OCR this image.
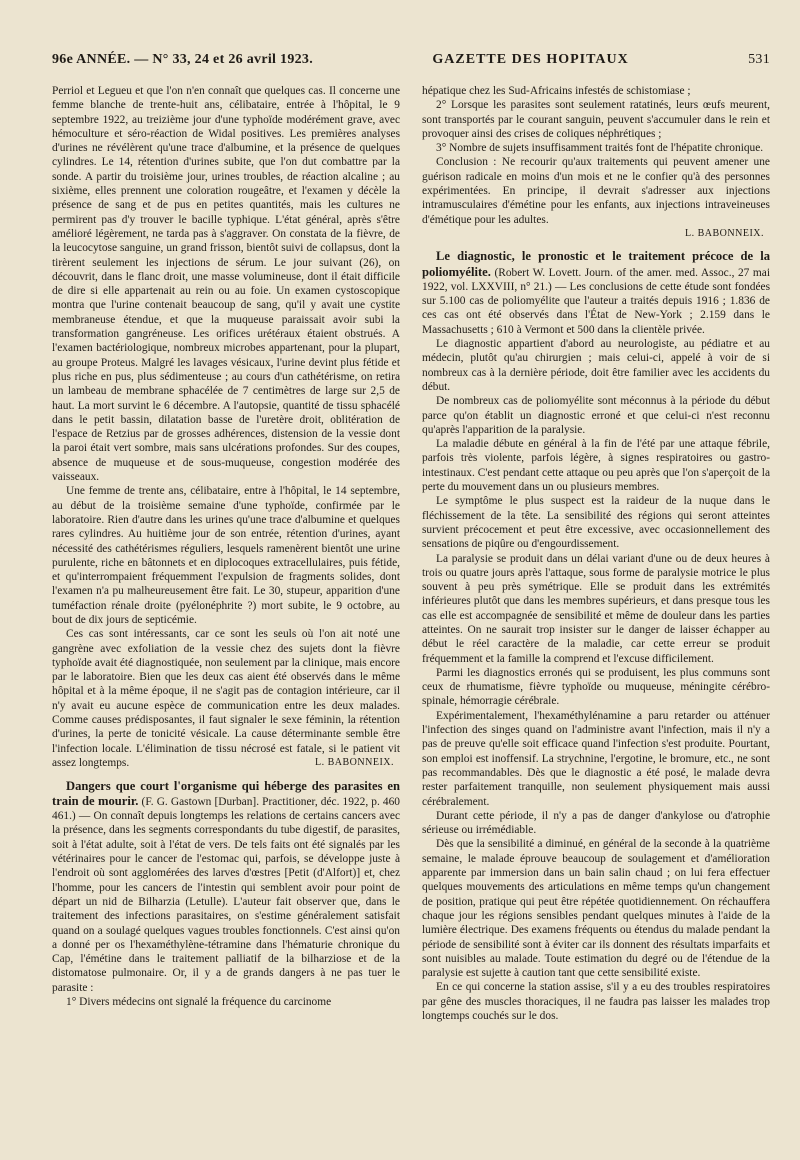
96e ANNÉE. — N° 33, 24 et 26 avril 1923.	GAZETTE DES HOPITAUX	531

Perriol et Legueu et que l'on n'en connaît que quelques cas. Il concerne une femme blanche de trente-huit ans, célibataire, entrée à l'hôpital, le 9 septembre 1922, au treizième jour d'une typhoïde modérément grave, avec hémoculture et séro-réaction de Widal positives. Les premières analyses d'urines ne révélèrent qu'une trace d'albumine, et la présence de quelques cylindres. Le 14, rétention d'urines subite, que l'on dut combattre par la sonde. A partir du troisième jour, urines troubles, de réaction alcaline ; au sixième, elles prennent une coloration rougeâtre, et l'examen y décèle la présence de sang et de pus en petites quantités, mais les cultures ne permirent pas d'y trouver le bacille typhique. L'état général, après s'être amélioré légèrement, ne tarda pas à s'aggraver. On constata de la fièvre, de la leucocytose sanguine, un grand frisson, bientôt suivi de collapsus, dont la tirèrent seulement les injections de sérum. Le jour suivant (26), on découvrit, dans le flanc droit, une masse volumineuse, dont il était difficile de dire si elle appartenait au rein ou au foie. Un examen cystoscopique montra que l'urine contenait beaucoup de sang, qu'il y avait une cystite membraneuse étendue, et que la muqueuse paraissait avoir subi la transformation gangréneuse. Les orifices urétéraux étaient obstrués. A l'examen bactériologique, nombreux microbes appartenant, pour la plupart, au groupe Proteus. Malgré les lavages vésicaux, l'urine devint plus fétide et plus riche en pus, plus sédimenteuse ; au cours d'un cathétérisme, on retira un lambeau de membrane sphacélée de 7 centimètres de large sur 2,5 de haut. La mort survint le 6 décembre. A l'autopsie, quantité de tissu sphacélé dans le petit bassin, dilatation basse de l'uretère droit, oblitération de l'espace de Retzius par de grosses adhérences, distension de la vessie dont la paroi était vert sombre, mais sans ulcérations profondes. Sur des coupes, absence de muqueuse et de sous-muqueuse, congestion modérée des vaisseaux.

Une femme de trente ans, célibataire, entre à l'hôpital, le 14 septembre, au début de la troisième semaine d'une typhoïde, confirmée par le laboratoire. Rien d'autre dans les urines qu'une trace d'albumine et quelques rares cylindres. Au huitième jour de son entrée, rétention d'urines, ayant nécessité des cathétérismes réguliers, lesquels ramenèrent bientôt une urine purulente, riche en bâtonnets et en diplocoques extracellulaires, puis fétide, et qu'interrompaient fréquemment l'expulsion de fragments solides, dont l'examen n'a pu malheureusement être fait. Le 30, stupeur, apparition d'une tuméfaction rénale droite (pyélonéphrite ?) mort subite, le 9 octobre, au bout de dix jours de septicémie.

Ces cas sont intéressants, car ce sont les seuls où l'on ait noté une gangrène avec exfoliation de la vessie chez des sujets dont la fièvre typhoïde avait été diagnostiquée, non seulement par la clinique, mais encore par le laboratoire. Bien que les deux cas aient été observés dans le même hôpital et à la même époque, il ne s'agit pas de contagion intérieure, car il n'y avait eu aucune espèce de communication entre les deux malades. Comme causes prédisposantes, il faut signaler le sexe féminin, la rétention d'urines, la perte de tonicité vésicale. La cause déterminante semble être l'infection locale. L'élimination de tissu nécrosé est fatale, si le patient vit assez longtemps.	L. BABONNEIX.

Dangers que court l'organisme qui héberge des parasites en train de mourir. (F. G. Gastown [Durban]. Practitioner, déc. 1922, p. 460 461.) — On connaît depuis longtemps les relations de certains cancers avec la présence, dans les segments correspondants du tube digestif, de parasites, soit à l'état adulte, soit à l'état de vers. De tels faits ont été signalés par les vétérinaires pour le cancer de l'estomac qui, parfois, se développe juste à l'endroit où sont agglomérées des larves d'œstres [Petit (d'Alfort)] et, chez l'homme, pour les cancers de l'intestin qui semblent avoir pour point de départ un nid de Bilharzia (Letulle). L'auteur fait observer que, dans le traitement des infections parasitaires, on s'estime généralement satisfait quand on a soulagé quelques vagues troubles fonctionnels. C'est ainsi qu'on a donné per os l'hexaméthylène-tétramine dans l'hématurie chronique du Cap, l'émétine dans le traitement palliatif de la bilharziose et de la distomatose pulmonaire. Or, il y a de grands dangers à ne pas tuer le parasite :

1° Divers médecins ont signalé la fréquence du carcinome

hépatique chez les Sud-Africains infestés de schistomiase ;

2° Lorsque les parasites sont seulement ratatinés, leurs œufs meurent, sont transportés par le courant sanguin, peuvent s'accumuler dans le rein et provoquer ainsi des crises de coliques néphrétiques ;

3° Nombre de sujets insuffisamment traités font de l'hépatite chronique.

Conclusion : Ne recourir qu'aux traitements qui peuvent amener une guérison radicale en moins d'un mois et ne le confier qu'à des personnes expérimentées. En principe, il devrait s'adresser aux injections intramusculaires d'émétine pour les enfants, aux injections intraveineuses d'émétique pour les adultes.

L. BABONNEIX.

Le diagnostic, le pronostic et le traitement précoce de la poliomyélite. (Robert W. Lovett. Journ. of the amer. med. Assoc., 27 mai 1922, vol. LXXVIII, n° 21.) — Les conclusions de cette étude sont fondées sur 5.100 cas de poliomyélite que l'auteur a traités depuis 1916 ; 1.836 de ces cas ont été observés dans l'État de New-York ; 2.159 dans le Massachusetts ; 610 à Vermont et 500 dans la clientèle privée.

Le diagnostic appartient d'abord au neurologiste, au pédiatre et au médecin, plutôt qu'au chirurgien ; mais celui-ci, appelé à voir de si nombreux cas à la dernière période, doit être familier avec les accidents du début.

De nombreux cas de poliomyélite sont méconnus à la période du début parce qu'on établit un diagnostic erroné et que celui-ci n'est reconnu qu'après l'apparition de la paralysie.

La maladie débute en général à la fin de l'été par une attaque fébrile, parfois très violente, parfois légère, à signes respiratoires ou gastro-intestinaux. C'est pendant cette attaque ou peu après que l'on s'aperçoit de la perte du mouvement dans un ou plusieurs membres.

Le symptôme le plus suspect est la raideur de la nuque dans le fléchissement de la tête. La sensibilité des régions qui seront atteintes survient précocement et peut être excessive, avec occasionnellement des sensations de piqûre ou d'engourdissement.

La paralysie se produit dans un délai variant d'une ou de deux heures à trois ou quatre jours après l'attaque, sous forme de paralysie motrice le plus souvent à peu près symétrique. Elle se produit dans les extrémités inférieures plutôt que dans les membres supérieurs, et dans presque tous les cas elle est accompagnée de sensibilité et même de douleur dans les parties atteintes. On ne saurait trop insister sur le danger de laisser échapper au début le réel caractère de la maladie, car cette erreur se produit fréquemment et la famille la comprend et l'excuse difficilement.

Parmi les diagnostics erronés qui se produisent, les plus communs sont ceux de rhumatisme, fièvre typhoïde ou muqueuse, méningite cérébro-spinale, hémorragie cérébrale.

Expérimentalement, l'hexaméthylénamine a paru retarder ou atténuer l'infection des singes quand on l'administre avant l'infection, mais il n'y a pas de preuve qu'elle soit efficace quand l'infection s'est produite. Pourtant, son emploi est inoffensif. La strychnine, l'ergotine, le bromure, etc., ne sont pas recommandables. Dès que le diagnostic a été posé, le malade devra rester parfaitement tranquille, non seulement physiquement mais aussi cérébralement.

Durant cette période, il n'y a pas de danger d'ankylose ou d'atrophie sérieuse ou irrémédiable.

Dès que la sensibilité a diminué, en général de la seconde à la quatrième semaine, le malade éprouve beaucoup de soulagement et d'amélioration apparente par immersion dans un bain salin chaud ; on lui fera effectuer quelques mouvements des articulations en même temps qu'un changement de position, pratique qui peut être répétée quotidiennement. On réchauffera chaque jour les régions sensibles pendant quelques minutes à l'aide de la lumière électrique. Des examens fréquents ou étendus du malade pendant la période de sensibilité sont à éviter car ils donnent des résultats imparfaits et sont nuisibles au malade. Toute estimation du degré ou de l'étendue de la paralysie est sujette à caution tant que cette sensibilité existe.

En ce qui concerne la station assise, s'il y a eu des troubles respiratoires par gêne des muscles thoraciques, il ne faudra pas laisser les malades trop longtemps couchés sur le dos.
